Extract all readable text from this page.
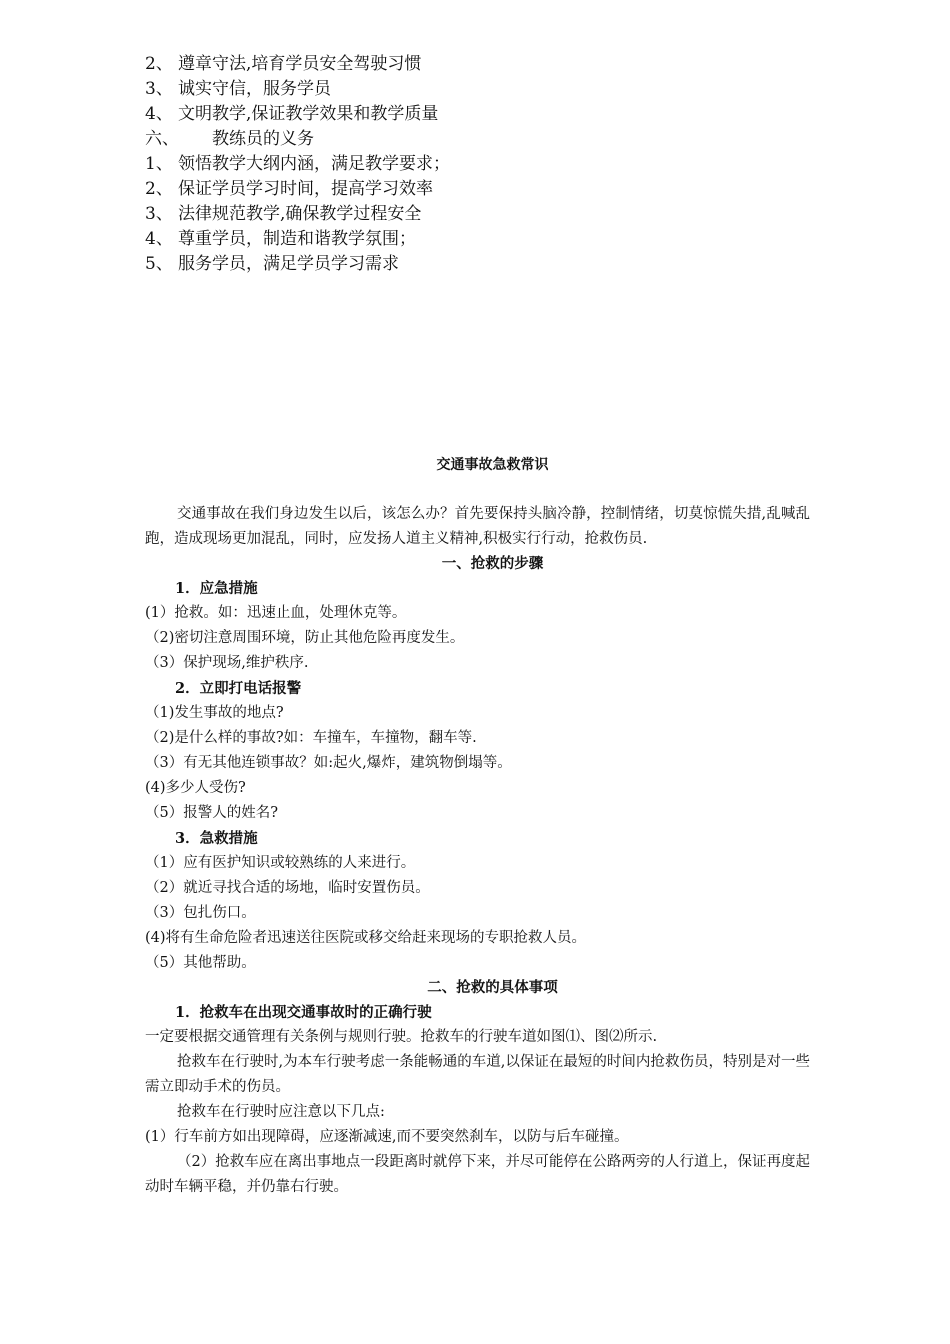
2、 遵章守法,培育学员安全驾驶习惯
3、 诚实守信，服务学员
4、 文明教学,保证教学效果和教学质量
六、	教练员的义务
1、 领悟教学大纲内涵，满足教学要求；
2、 保证学员学习时间，提高学习效率
3、 法律规范教学,确保教学过程安全
4、 尊重学员，制造和谐教学氛围；
5、 服务学员，满足学员学习需求
交通事故急救常识
交通事故在我们身边发生以后，该怎么办？首先要保持头脑冷静，控制情绪，切莫惊慌失措,乱喊乱跑，造成现场更加混乱，同时，应发扬人道主义精神,积极实行行动，抢救伤员.
一、抢救的步骤
1．应急措施
(1）抢救。如：迅速止血，处理休克等。
（2)密切注意周围环境，防止其他危险再度发生。
（3）保护现场,维护秩序.
2．立即打电话报警
（1)发生事故的地点?
（2)是什么样的事故?如：车撞车，车撞物，翻车等.
（3）有无其他连锁事故？如:起火,爆炸，建筑物倒塌等。
(4)多少人受伤?
（5）报警人的姓名?
3．急救措施
（1）应有医护知识或较熟练的人来进行。
（2）就近寻找合适的场地，临时安置伤员。
（3）包扎伤口。
(4)将有生命危险者迅速送往医院或移交给赶来现场的专职抢救人员。
（5）其他帮助。
二、抢救的具体事项
1．抢救车在出现交通事故时的正确行驶
一定要根据交通管理有关条例与规则行驶。抢救车的行驶车道如图⑴、图⑵所示.
抢救车在行驶时,为本车行驶考虑一条能畅通的车道,以保证在最短的时间内抢救伤员，特别是对一些需立即动手术的伤员。
抢救车在行驶时应注意以下几点:
(1）行车前方如出现障碍，应逐渐减速,而不要突然刹车，以防与后车碰撞。
（2）抢救车应在离出事地点一段距离时就停下来，并尽可能停在公路两旁的人行道上，保证再度起动时车辆平稳，并仍靠右行驶。
